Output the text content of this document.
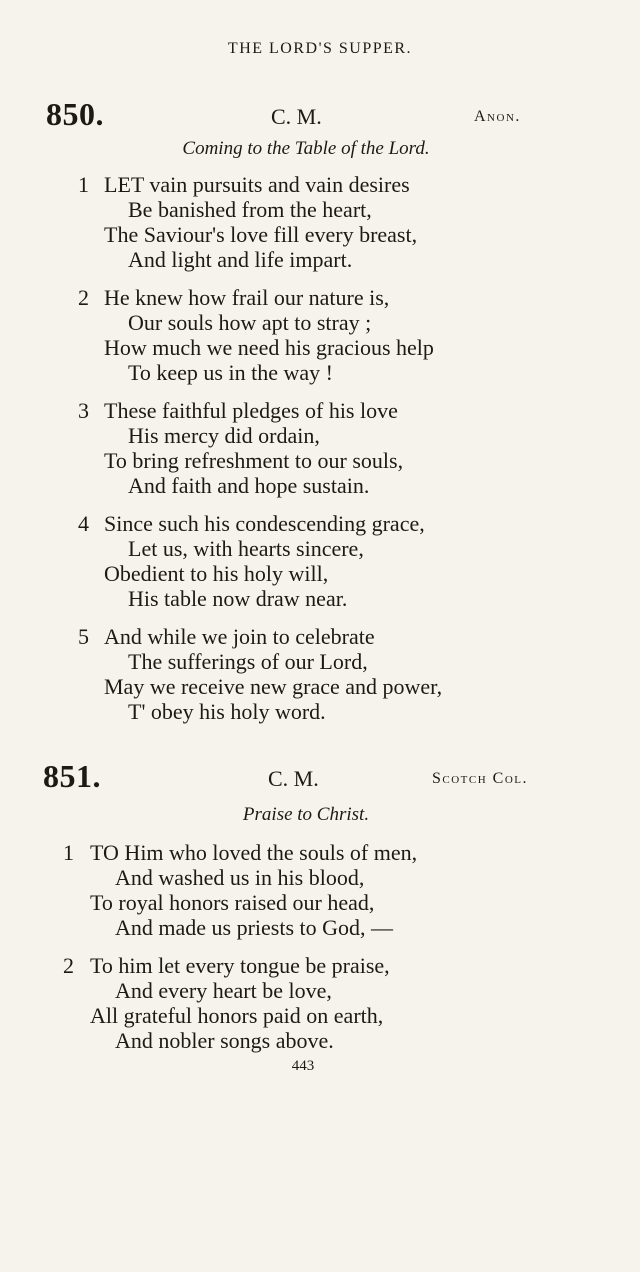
THE LORD'S SUPPER.
850.	C. M.	Anon.
Coming to the Table of the Lord.
1 LET vain pursuits and vain desires
Be banished from the heart,
The Saviour's love fill every breast,
And light and life impart.
2 He knew how frail our nature is,
Our souls how apt to stray ;
How much we need his gracious help
To keep us in the way !
3 These faithful pledges of his love
His mercy did ordain,
To bring refreshment to our souls,
And faith and hope sustain.
4 Since such his condescending grace,
Let us, with hearts sincere,
Obedient to his holy will,
His table now draw near.
5 And while we join to celebrate
The sufferings of our Lord,
May we receive new grace and power,
T' obey his holy word.
851.	C. M.	Scotch Col.
Praise to Christ.
1 TO Him who loved the souls of men,
And washed us in his blood,
To royal honors raised our head,
And made us priests to God, —
2 To him let every tongue be praise,
And every heart be love,
All grateful honors paid on earth,
And nobler songs above.
443
